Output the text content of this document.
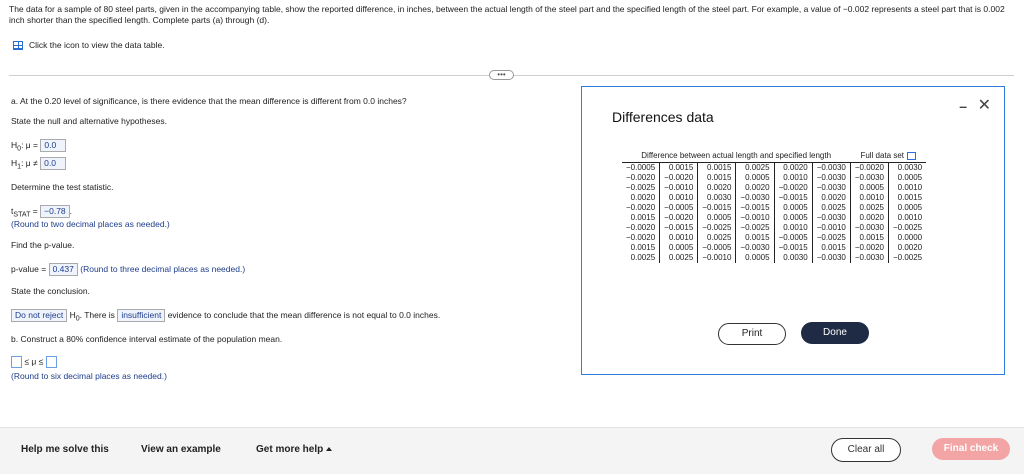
The data for a sample of 80 steel parts, given in the accompanying table, show the reported difference, in inches, between the actual length of the steel part and the specified length of the steel part. For example, a value of −0.002 represents a steel part that is 0.002 inch shorter than the specified length. Complete parts (a) through (d).
Click the icon to view the data table.
•••
a. At the 0.20 level of significance, is there evidence that the mean difference is different from 0.0 inches?
State the null and alternative hypotheses.
$H_0$: μ = 0.0
$H_1$: μ ≠ 0.0
Determine the test statistic.
$t_{STAT} = -0.78$ .
(Round to two decimal places as needed.)
Find the p-value.
p-value = 0.437 (Round to three decimal places as needed.)
State the conclusion.
Do not reject $H_0$. There is insufficient evidence to conclude that the mean difference is not equal to 0.0 inches.
b. Construct a 80% confidence interval estimate of the population mean.
≤ μ ≤
(Round to six decimal places as needed.)
Differences data
– ✕
Difference between actual length and specified length						Full data set	

−0.0005	0.0015	0.0015	0.0025	0.0020	−0.0030	−0.0020	0.0030
−0.0020	−0.0020	0.0015	0.0005	0.0010	−0.0030	−0.0030	0.0005
−0.0025	−0.0010	0.0020	0.0020	−0.0020	−0.0030	0.0005	0.0010
0.0020	0.0010	0.0030	−0.0030	−0.0015	0.0020	0.0010	0.0015
−0.0020	−0.0005	−0.0015	−0.0015	0.0005	0.0025	0.0025	0.0005
0.0015	−0.0020	0.0005	−0.0010	0.0005	−0.0030	0.0020	0.0010
−0.0020	−0.0015	−0.0025	−0.0025	0.0010	−0.0010	−0.0030	−0.0025
−0.0020	0.0010	0.0025	0.0015	−0.0005	−0.0025	0.0015	0.0000
0.0015	0.0005	−0.0005	−0.0030	−0.0015	0.0015	−0.0020	0.0020
0.0025	0.0025	−0.0010	0.0005	0.0030	−0.0030	−0.0030	−0.0025
Print	Done
Help me solve this	View an example	Get more help	Clear all	Final check
